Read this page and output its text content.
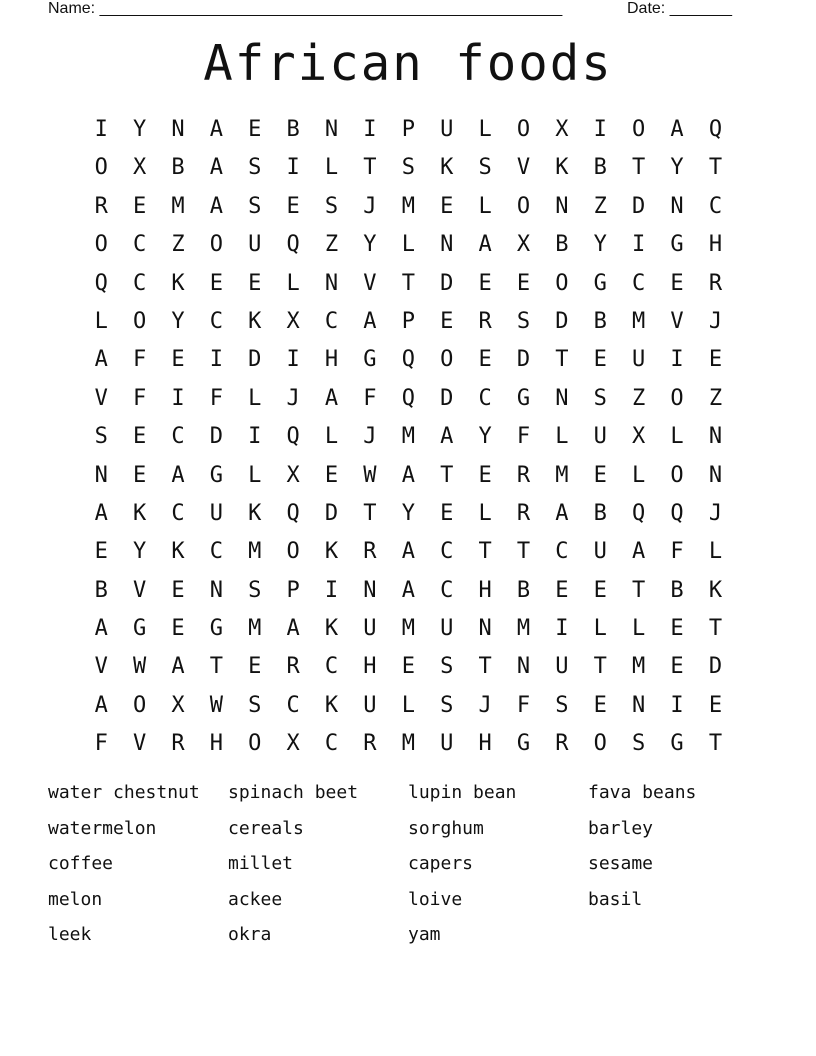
Name: ____________________________________________________	Date: _______
African foods
I	Y	N	A	E	B	N	I	P	U	L	O	X	I	O	A	Q
O	X	B	A	S	I	L	T	S	K	S	V	K	B	T	Y	T
R	E	M	A	S	E	S	J	M	E	L	O	N	Z	D	N	C
O	C	Z	O	U	Q	Z	Y	L	N	A	X	B	Y	I	G	H
Q	C	K	E	E	L	N	V	T	D	E	E	O	G	C	E	R
L	O	Y	C	K	X	C	A	P	E	R	S	D	B	M	V	J
A	F	E	I	D	I	H	G	Q	O	E	D	T	E	U	I	E
V	F	I	F	L	J	A	F	Q	D	C	G	N	S	Z	O	Z
S	E	C	D	I	Q	L	J	M	A	Y	F	L	U	X	L	N
N	E	A	G	L	X	E	W	A	T	E	R	M	E	L	O	N
A	K	C	U	K	Q	D	T	Y	E	L	R	A	B	Q	Q	J
E	Y	K	C	M	O	K	R	A	C	T	T	C	U	A	F	L
B	V	E	N	S	P	I	N	A	C	H	B	E	E	T	B	K
A	G	E	G	M	A	K	U	M	U	N	M	I	L	L	E	T
V	W	A	T	E	R	C	H	E	S	T	N	U	T	M	E	D
A	O	X	W	S	C	K	U	L	S	J	F	S	E	N	I	E
F	V	R	H	O	X	C	R	M	U	H	G	R	O	S	G	T
water chestnut	spinach beet	lupin bean	fava beans
watermelon	cereals	sorghum	barley
coffee	millet	capers	sesame
melon	ackee	loive	basil
leek	okra	yam
